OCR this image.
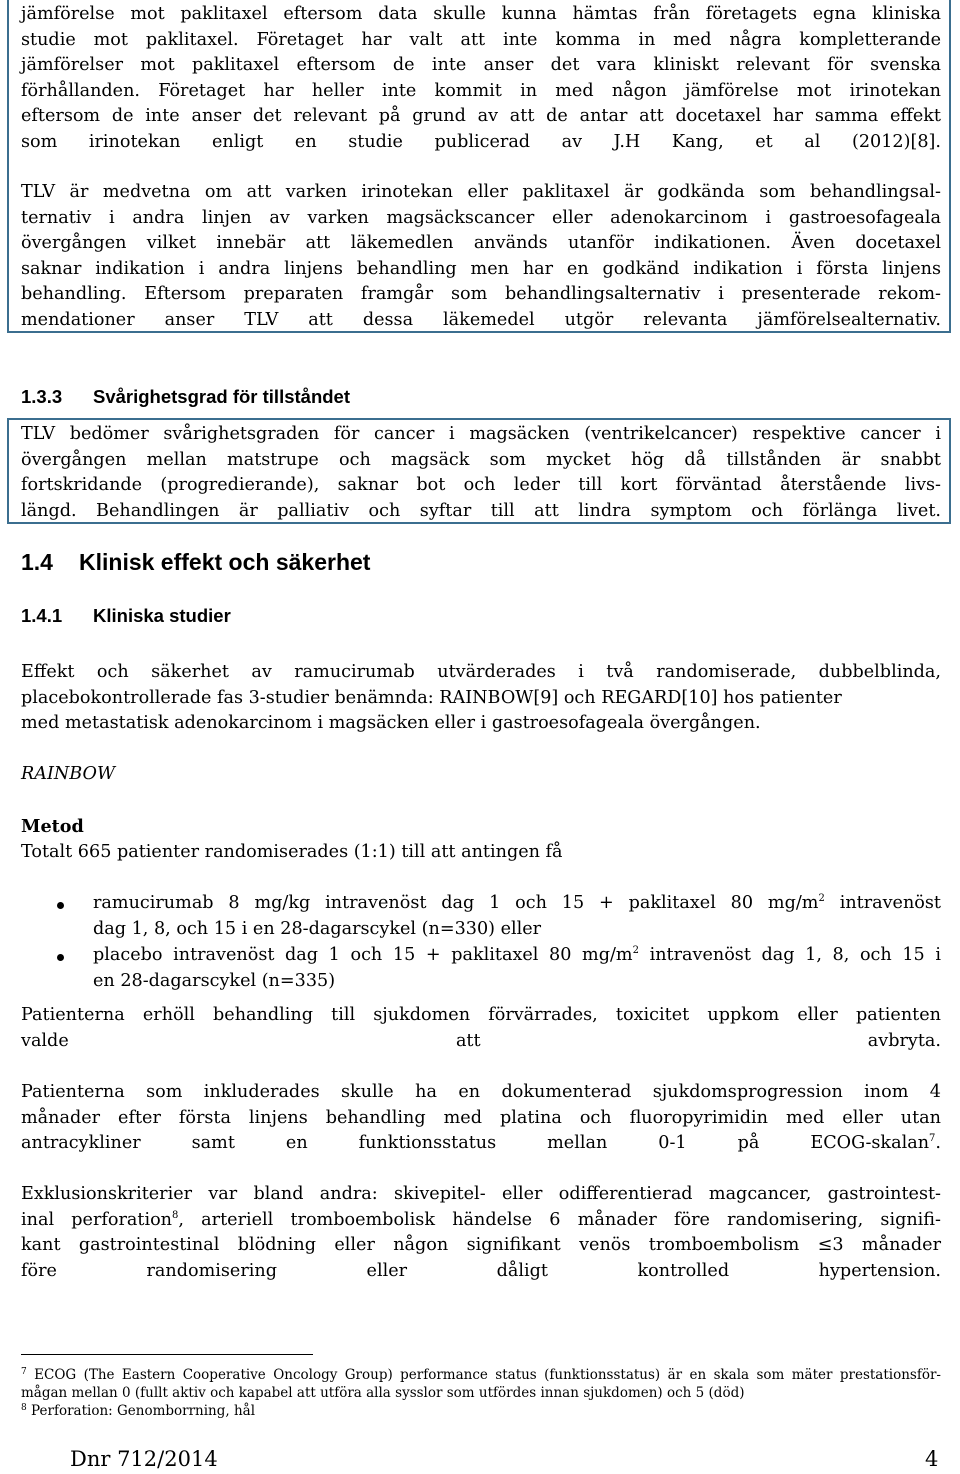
jämförelse mot paklitaxel eftersom data skulle kunna hämtas från företagets egna kliniska
studie mot paklitaxel. Företaget har valt att inte komma in med några kompletterande
jämförelser mot paklitaxel eftersom de inte anser det vara kliniskt relevant för svenska
förhållanden. Företaget har heller inte kommit in med någon jämförelse mot irinotekan
eftersom de inte anser det relevant på grund av att de antar att docetaxel har samma effekt
som irinotekan enligt en studie publicerad av J.H Kang, et al (2012)[8].
TLV är medvetna om att varken irinotekan eller paklitaxel är godkända som behandlingsal-
ternativ i andra linjen av varken magsäckscancer eller adenokarcinom i gastroesofageala
övergången vilket innebär att läkemedlen används utanför indikationen. Även docetaxel
saknar indikation i andra linjens behandling men har en godkänd indikation i första linjens
behandling. Eftersom preparaten framgår som behandlingsalternativ i presenterade rekom-
mendationer anser TLV att dessa läkemedel utgör relevanta jämförelsealternativ.
1.3.3 Svårighetsgrad för tillståndet
TLV bedömer svårighetsgraden för cancer i magsäcken (ventrikelcancer) respektive cancer i
övergången mellan matstrupe och magsäck som mycket hög då tillstånden är snabbt
fortskridande (progredierande), saknar bot och leder till kort förväntad återstående livs-
längd. Behandlingen är palliativ och syftar till att lindra symptom och förlänga livet.
1.4 Klinisk effekt och säkerhet
1.4.1 Kliniska studier
Effekt och säkerhet av ramucirumab utvärderades i två randomiserade, dubbelblinda,
placebokontrollerade fas 3-studier benämnda: RAINBOW[9] och REGARD[10] hos patienter
med metastatisk adenokarcinom i magsäcken eller i gastroesofageala övergången.
RAINBOW
Metod
Totalt 665 patienter randomiserades (1:1) till att antingen få
ramucirumab 8 mg/kg intravenöst dag 1 och 15 + paklitaxel 80 $mg/m^2$ intravenöst
dag 1, 8, och 15 i en 28-dagarscykel (n=330) eller
placebo intravenöst dag 1 och 15 + paklitaxel 80 $mg/m^2$ intravenöst dag 1, 8, och 15 i
en 28-dagarscykel (n=335)
Patienterna erhöll behandling till sjukdomen förvärrades, toxicitet uppkom eller patienten
valde att avbryta.
Patienterna som inkluderades skulle ha en dokumenterad sjukdomsprogression inom 4
månader efter första linjens behandling med platina och fluoropyrimidin med eller utan
antracykliner samt en funktionsstatus mellan 0-1 på ECOG-skalan$^7$.
Exklusionskriterier var bland andra: skivepitel- eller odifferentierad magcancer, gastrointest-
inal perforation$^8$, arteriell tromboembolisk händelse 6 månader före randomisering, signifi-
kant gastrointestinal blödning eller någon signifikant venös tromboembolism ≤3 månader
före randomisering eller dåligt kontrolled hypertension.
$^7$ ECOG (The Eastern Cooperative Oncology Group) performance status (funktionsstatus) är en skala som mäter prestationsför-
mågan mellan 0 (fullt aktiv och kapabel att utföra alla sysslor som utfördes innan sjukdomen) och 5 (död)
$^8$ Perforation: Genomborrning, hål
Dnr 712/2014	4
